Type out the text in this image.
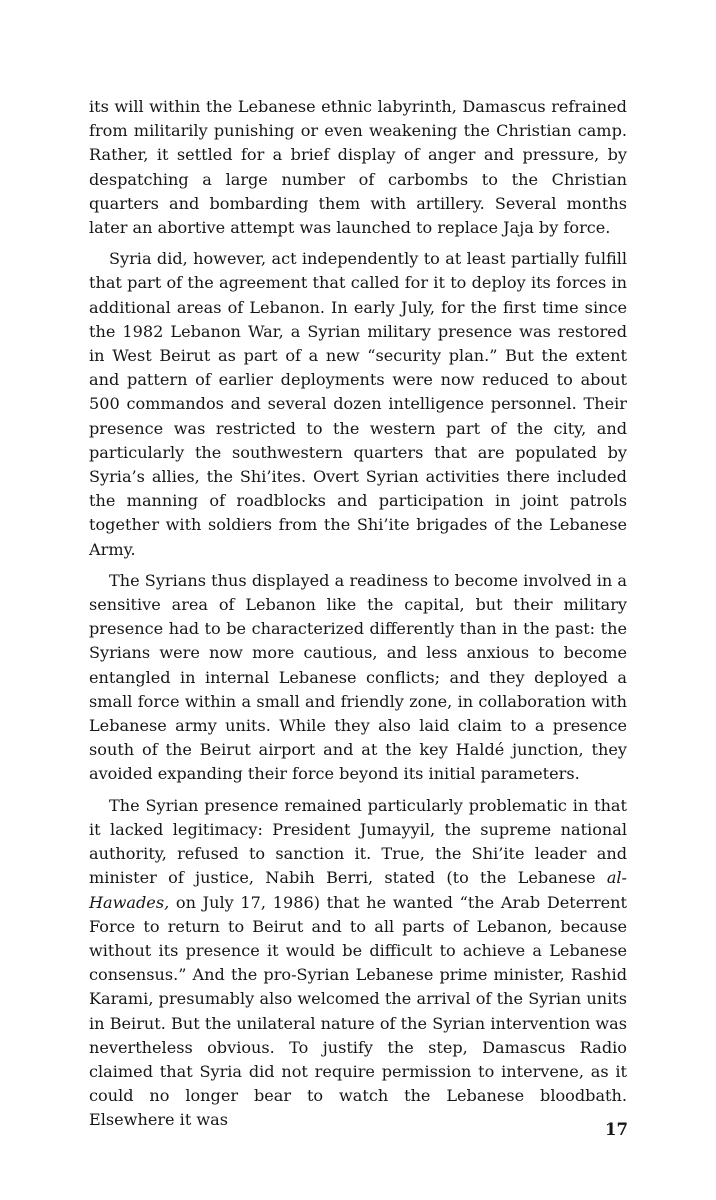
its will within the Lebanese ethnic labyrinth, Damascus refrained from militarily punishing or even weakening the Christian camp. Rather, it settled for a brief display of anger and pressure, by despatching a large number of carbombs to the Christian quarters and bombarding them with artillery. Several months later an abortive attempt was launched to replace Jaja by force.

Syria did, however, act independently to at least partially fulfill that part of the agreement that called for it to deploy its forces in additional areas of Lebanon. In early July, for the first time since the 1982 Lebanon War, a Syrian military presence was restored in West Beirut as part of a new “security plan.” But the extent and pattern of earlier deployments were now reduced to about 500 commandos and several dozen intelligence personnel. Their presence was restricted to the western part of the city, and particularly the southwestern quarters that are populated by Syria’s allies, the Shi’ites. Overt Syrian activities there included the manning of roadblocks and participation in joint patrols together with soldiers from the Shi’ite brigades of the Lebanese Army.

The Syrians thus displayed a readiness to become involved in a sensitive area of Lebanon like the capital, but their military presence had to be characterized differently than in the past: the Syrians were now more cautious, and less anxious to become entangled in internal Lebanese conflicts; and they deployed a small force within a small and friendly zone, in collaboration with Lebanese army units. While they also laid claim to a presence south of the Beirut airport and at the key Haldé junction, they avoided expanding their force beyond its initial parameters.

The Syrian presence remained particularly problematic in that it lacked legitimacy: President Jumayyil, the supreme national authority, refused to sanction it. True, the Shi’ite leader and minister of justice, Nabih Berri, stated (to the Lebanese al-Hawades, on July 17, 1986) that he wanted “the Arab Deterrent Force to return to Beirut and to all parts of Lebanon, because without its presence it would be difficult to achieve a Lebanese consensus.” And the pro-Syrian Lebanese prime minister, Rashid Karami, presumably also welcomed the arrival of the Syrian units in Beirut. But the unilateral nature of the Syrian intervention was nevertheless obvious. To justify the step, Damascus Radio claimed that Syria did not require permission to intervene, as it could no longer bear to watch the Lebanese bloodbath. Elsewhere it was

17
